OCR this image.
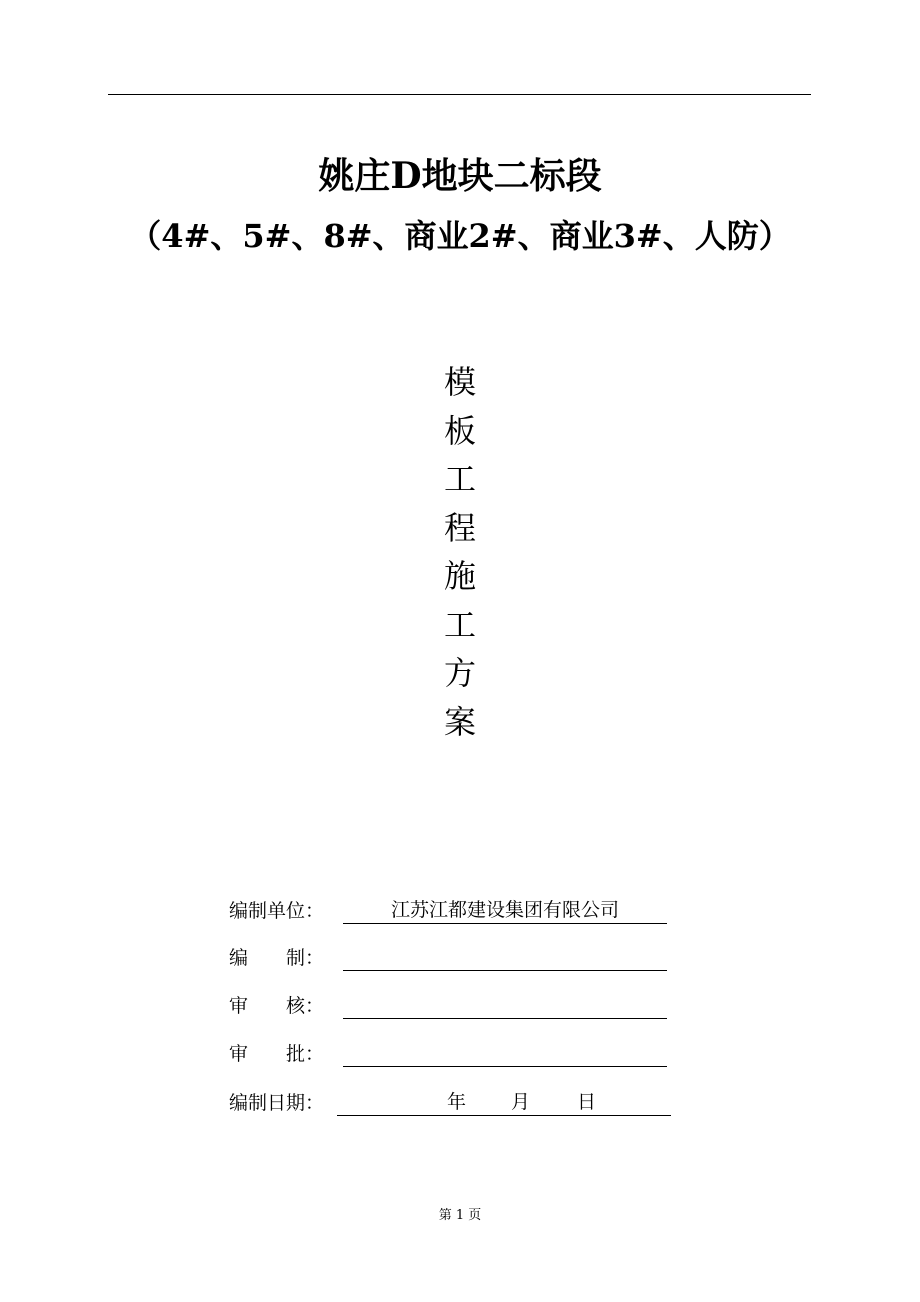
姚庄D地块二标段
（4#、5#、8#、商业2#、商业3#、人防）
模
板
工
程
施
工
方
案
编制单位：	江苏江都建设集团有限公司
编　　制：
审　　核：
审　　批：
编制日期：	年 月 日
第 1 页
